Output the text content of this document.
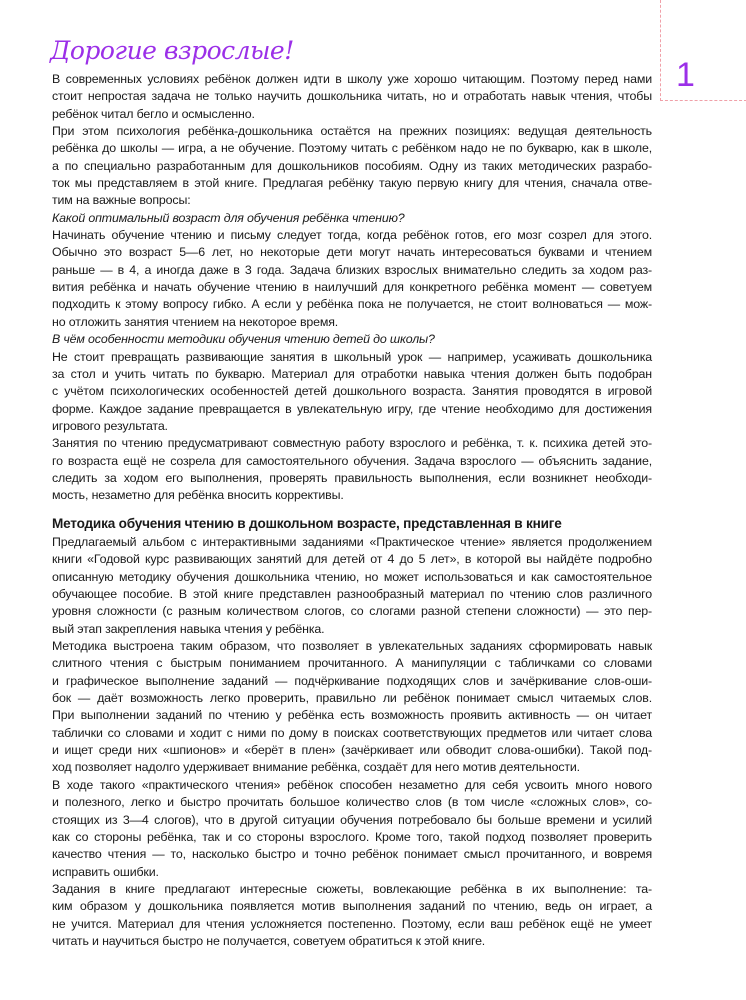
1
Дорогие взрослые!
В современных условиях ребёнок должен идти в школу уже хорошо читающим. Поэтому перед нами
стоит непростая задача не только научить дошкольника читать, но и отработать навык чтения, чтобы
ребёнок читал бегло и осмысленно.
При этом психология ребёнка-дошкольника остаётся на прежних позициях: ведущая деятельность
ребёнка до школы — игра, а не обучение. Поэтому читать с ребёнком надо не по букварю, как в школе,
а по специально разработанным для дошкольников пособиям. Одну из таких методических разрабо-
ток мы представляем в этой книге. Предлагая ребёнку такую первую книгу для чтения, сначала отве-
тим на важные вопросы:
Какой оптимальный возраст для обучения ребёнка чтению?
Начинать обучение чтению и письму следует тогда, когда ребёнок готов, его мозг созрел для этого.
Обычно это возраст 5—6 лет, но некоторые дети могут начать интересоваться буквами и чтением
раньше — в 4, а иногда даже в 3 года. Задача близких взрослых внимательно следить за ходом раз-
вития ребёнка и начать обучение чтению в наилучший для конкретного ребёнка момент — советуем
подходить к этому вопросу гибко. А если у ребёнка пока не получается, не стоит волноваться — мож-
но отложить занятия чтением на некоторое время.
В чём особенности методики обучения чтению детей до школы?
Не стоит превращать развивающие занятия в школьный урок — например, усаживать дошкольника
за стол и учить читать по букварю. Материал для отработки навыка чтения должен быть подобран
с учётом психологических особенностей детей дошкольного возраста. Занятия проводятся в игровой
форме. Каждое задание превращается в увлекательную игру, где чтение необходимо для достижения
игрового результата.
Занятия по чтению предусматривают совместную работу взрослого и ребёнка, т. к. психика детей это-
го возраста ещё не созрела для самостоятельного обучения. Задача взрослого — объяснить задание,
следить за ходом его выполнения, проверять правильность выполнения, если возникнет необходи-
мость, незаметно для ребёнка вносить коррективы.
Методика обучения чтению в дошкольном возрасте, представленная в книге
Предлагаемый альбом с интерактивными заданиями «Практическое чтение» является продолжением
книги «Годовой курс развивающих занятий для детей от 4 до 5 лет», в которой вы найдёте подробно
описанную методику обучения дошкольника чтению, но может использоваться и как самостоятельное
обучающее пособие. В этой книге представлен разнообразный материал по чтению слов различного
уровня сложности (с разным количеством слогов, со слогами разной степени сложности) — это пер-
вый этап закрепления навыка чтения у ребёнка.
Методика выстроена таким образом, что позволяет в увлекательных заданиях сформировать навык
слитного чтения с быстрым пониманием прочитанного. А манипуляции с табличками со словами
и графическое выполнение заданий — подчёркивание подходящих слов и зачёркивание слов-оши-
бок — даёт возможность легко проверить, правильно ли ребёнок понимает смысл читаемых слов.
При выполнении заданий по чтению у ребёнка есть возможность проявить активность — он читает
таблички со словами и ходит с ними по дому в поисках соответствующих предметов или читает слова
и ищет среди них «шпионов» и «берёт в плен» (зачёркивает или обводит слова-ошибки). Такой под-
ход позволяет надолго удерживает внимание ребёнка, создаёт для него мотив деятельности.
В ходе такого «практического чтения» ребёнок способен незаметно для себя усвоить много нового
и полезного, легко и быстро прочитать большое количество слов (в том числе «сложных слов», со-
стоящих из 3—4 слогов), что в другой ситуации обучения потребовало бы больше времени и усилий
как со стороны ребёнка, так и со стороны взрослого. Кроме того, такой подход позволяет проверить
качество чтения — то, насколько быстро и точно ребёнок понимает смысл прочитанного, и вовремя
исправить ошибки.
Задания в книге предлагают интересные сюжеты, вовлекающие ребёнка в их выполнение: та-
ким образом у дошкольника появляется мотив выполнения заданий по чтению, ведь он играет, а
не учится. Материал для чтения усложняется постепенно. Поэтому, если ваш ребёнок ещё не умеет
читать и научиться быстро не получается, советуем обратиться к этой книге.
